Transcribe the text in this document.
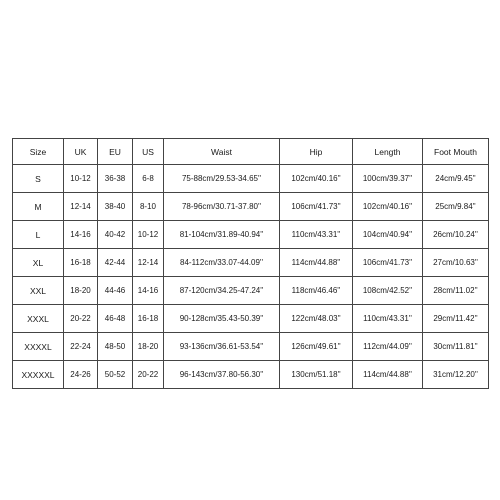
Size	UK	EU	US	Waist	Hip	Length	Foot Mouth
S	10-12	36-38	6-8	75-88cm/29.53-34.65''	102cm/40.16''	100cm/39.37''	24cm/9.45''
M	12-14	38-40	8-10	78-96cm/30.71-37.80''	106cm/41.73''	102cm/40.16''	25cm/9.84''
L	14-16	40-42	10-12	81-104cm/31.89-40.94''	110cm/43.31''	104cm/40.94''	26cm/10.24''
XL	16-18	42-44	12-14	84-112cm/33.07-44.09''	114cm/44.88''	106cm/41.73''	27cm/10.63''
XXL	18-20	44-46	14-16	87-120cm/34.25-47.24''	118cm/46.46''	108cm/42.52''	28cm/11.02''
XXXL	20-22	46-48	16-18	90-128cm/35.43-50.39''	122cm/48.03''	110cm/43.31''	29cm/11.42''
XXXXL	22-24	48-50	18-20	93-136cm/36.61-53.54''	126cm/49.61''	112cm/44.09''	30cm/11.81''
XXXXXL	24-26	50-52	20-22	96-143cm/37.80-56.30''	130cm/51.18''	114cm/44.88''	31cm/12.20''
